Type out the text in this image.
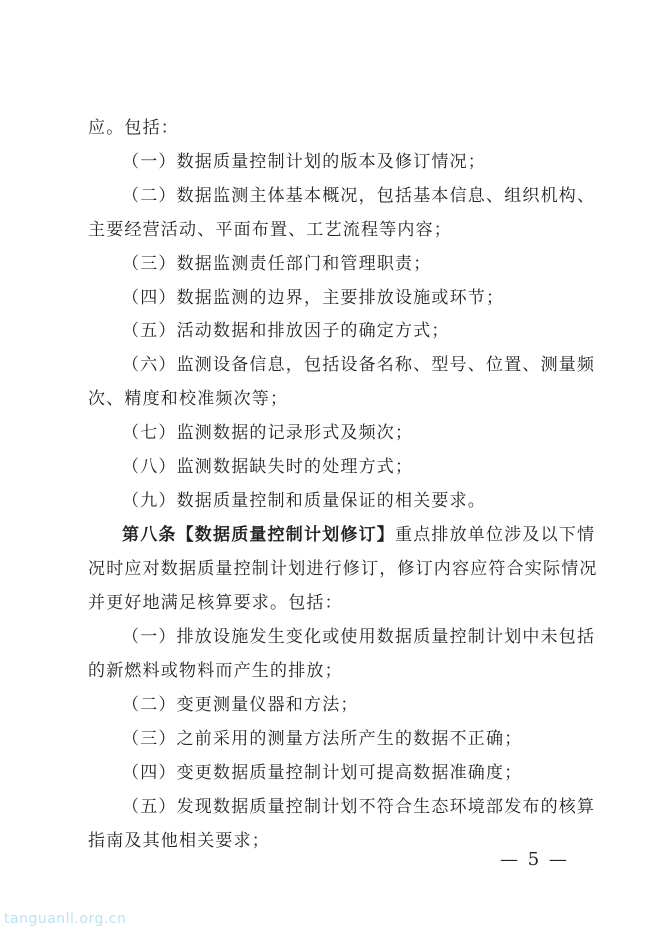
应。包括：
（一）数据质量控制计划的版本及修订情况；
（二）数据监测主体基本概况，包括基本信息、组织机构、
主要经营活动、平面布置、工艺流程等内容；
（三）数据监测责任部门和管理职责；
（四）数据监测的边界，主要排放设施或环节；
（五）活动数据和排放因子的确定方式；
（六）监测设备信息，包括设备名称、型号、位置、测量频
次、精度和校准频次等；
（七）监测数据的记录形式及频次；
（八）监测数据缺失时的处理方式；
（九）数据质量控制和质量保证的相关要求。
第八条【数据质量控制计划修订】重点排放单位涉及以下情
况时应对数据质量控制计划进行修订，修订内容应符合实际情况
并更好地满足核算要求。包括：
（一）排放设施发生变化或使用数据质量控制计划中未包括
的新燃料或物料而产生的排放；
（二）变更测量仪器和方法；
（三）之前采用的测量方法所产生的数据不正确；
（四）变更数据质量控制计划可提高数据准确度；
（五）发现数据质量控制计划不符合生态环境部发布的核算
指南及其他相关要求；
— 5 —
tanguanli.org.cn
